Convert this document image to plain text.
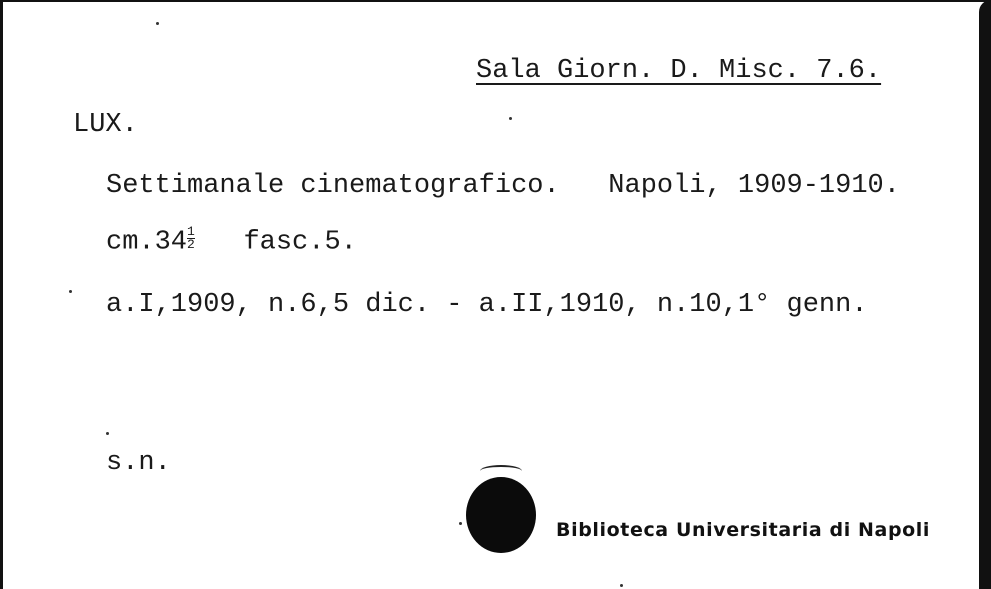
Sala Giorn. D. Misc. 7.6.
LUX.
Settimanale cinematografico. Napoli, 1909-1910.
$cm.34 \frac{1}{2}$ fasc.5.
a.I,1909, n.6,5 dic. - a.II,1910, n.10,1° genn.
s.n.
Biblioteca Universitaria di Napoli
